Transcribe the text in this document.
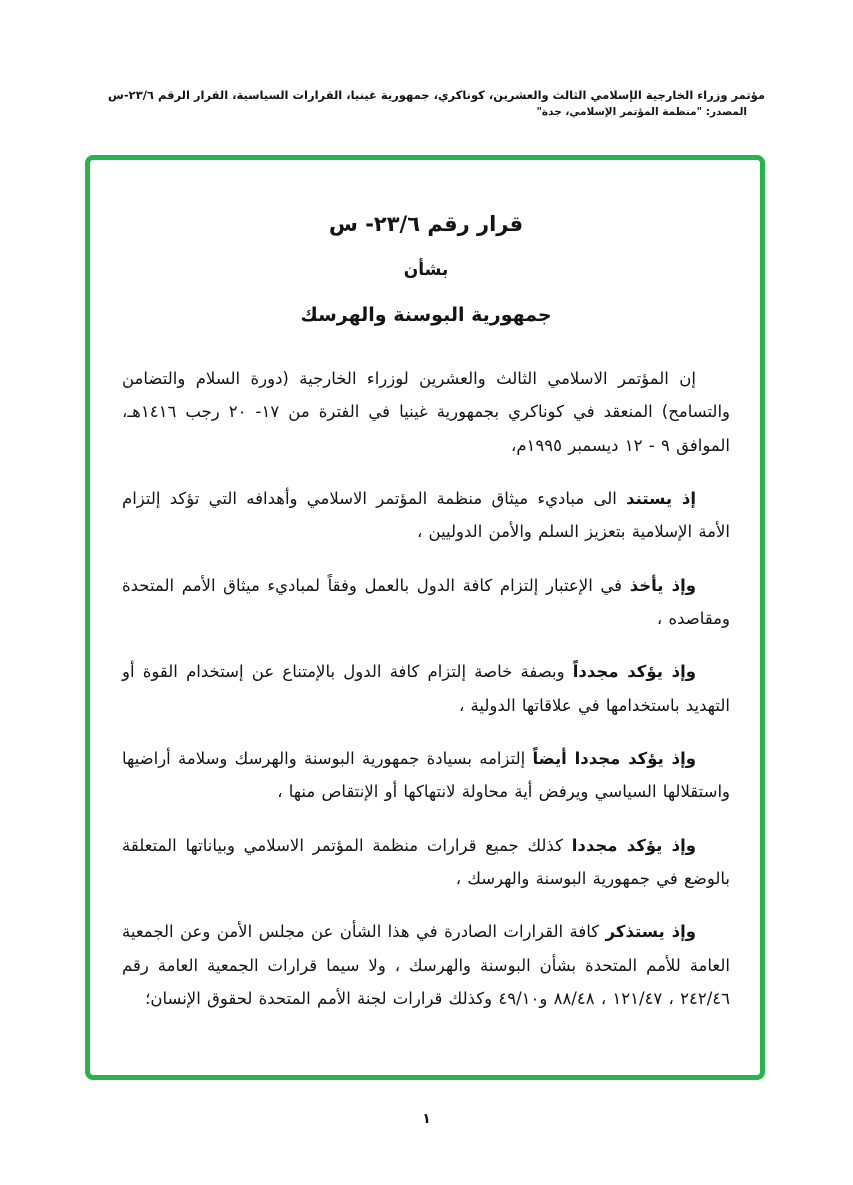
مؤتمر وزراء الخارجية الإسلامي الثالث والعشرين، كوناكري، جمهورية غينيا، القرارات السياسية، القرار الرقم ٢٣/٦-س
المصدر: "منظمة المؤتمر الإسلامي، جدة"
قرار رقم ٢٣/٦- س
بشأن
جمهورية البوسنة والهرسك

إن المؤتمر الاسلامي الثالث والعشرين لوزراء الخارجية (دورة السلام والتضامن والتسامح) المنعقد في كوناكري بجمهورية غينيا في الفترة من ١٧- ٢٠ رجب ١٤١٦هـ، الموافق ٩ - ١٢ ديسمبر ١٩٩٥م،

إذ يستند الى مباديء ميثاق منظمة المؤتمر الاسلامي وأهدافه التي تؤكد إلتزام الأمة الإسلامية بتعزيز السلم والأمن الدوليين ،

وإذ يأخذ في الإعتبار إلتزام كافة الدول بالعمل وفقاً لمباديء ميثاق الأمم المتحدة ومقاصده ،

وإذ يؤكد مجدداً وبصفة خاصة إلتزام كافة الدول بالإمتناع عن إستخدام القوة أو التهديد باستخدامها في علاقاتها الدولية ،

وإذ يؤكد مجددا أيضاً إلتزامه بسيادة جمهورية البوسنة والهرسك وسلامة أراضيها واستقلالها السياسي ويرفض أية محاولة لانتهاكها أو الإنتقاص منها ،

وإذ يؤكد مجددا كذلك جميع قرارات منظمة المؤتمر الاسلامي وبياناتها المتعلقة بالوضع في جمهورية البوسنة والهرسك ،

وإذ يستذكر كافة القرارات الصادرة في هذا الشأن عن مجلس الأمن وعن الجمعية العامة للأمم المتحدة بشأن البوسنة والهرسك ، ولا سيما قرارات الجمعية العامة رقم ٢٤٢/٤٦ ، ١٢١/٤٧ ، ٨٨/٤٨ و٤٩/١٠ وكذلك قرارات لجنة الأمم المتحدة لحقوق الإنسان؛

١
